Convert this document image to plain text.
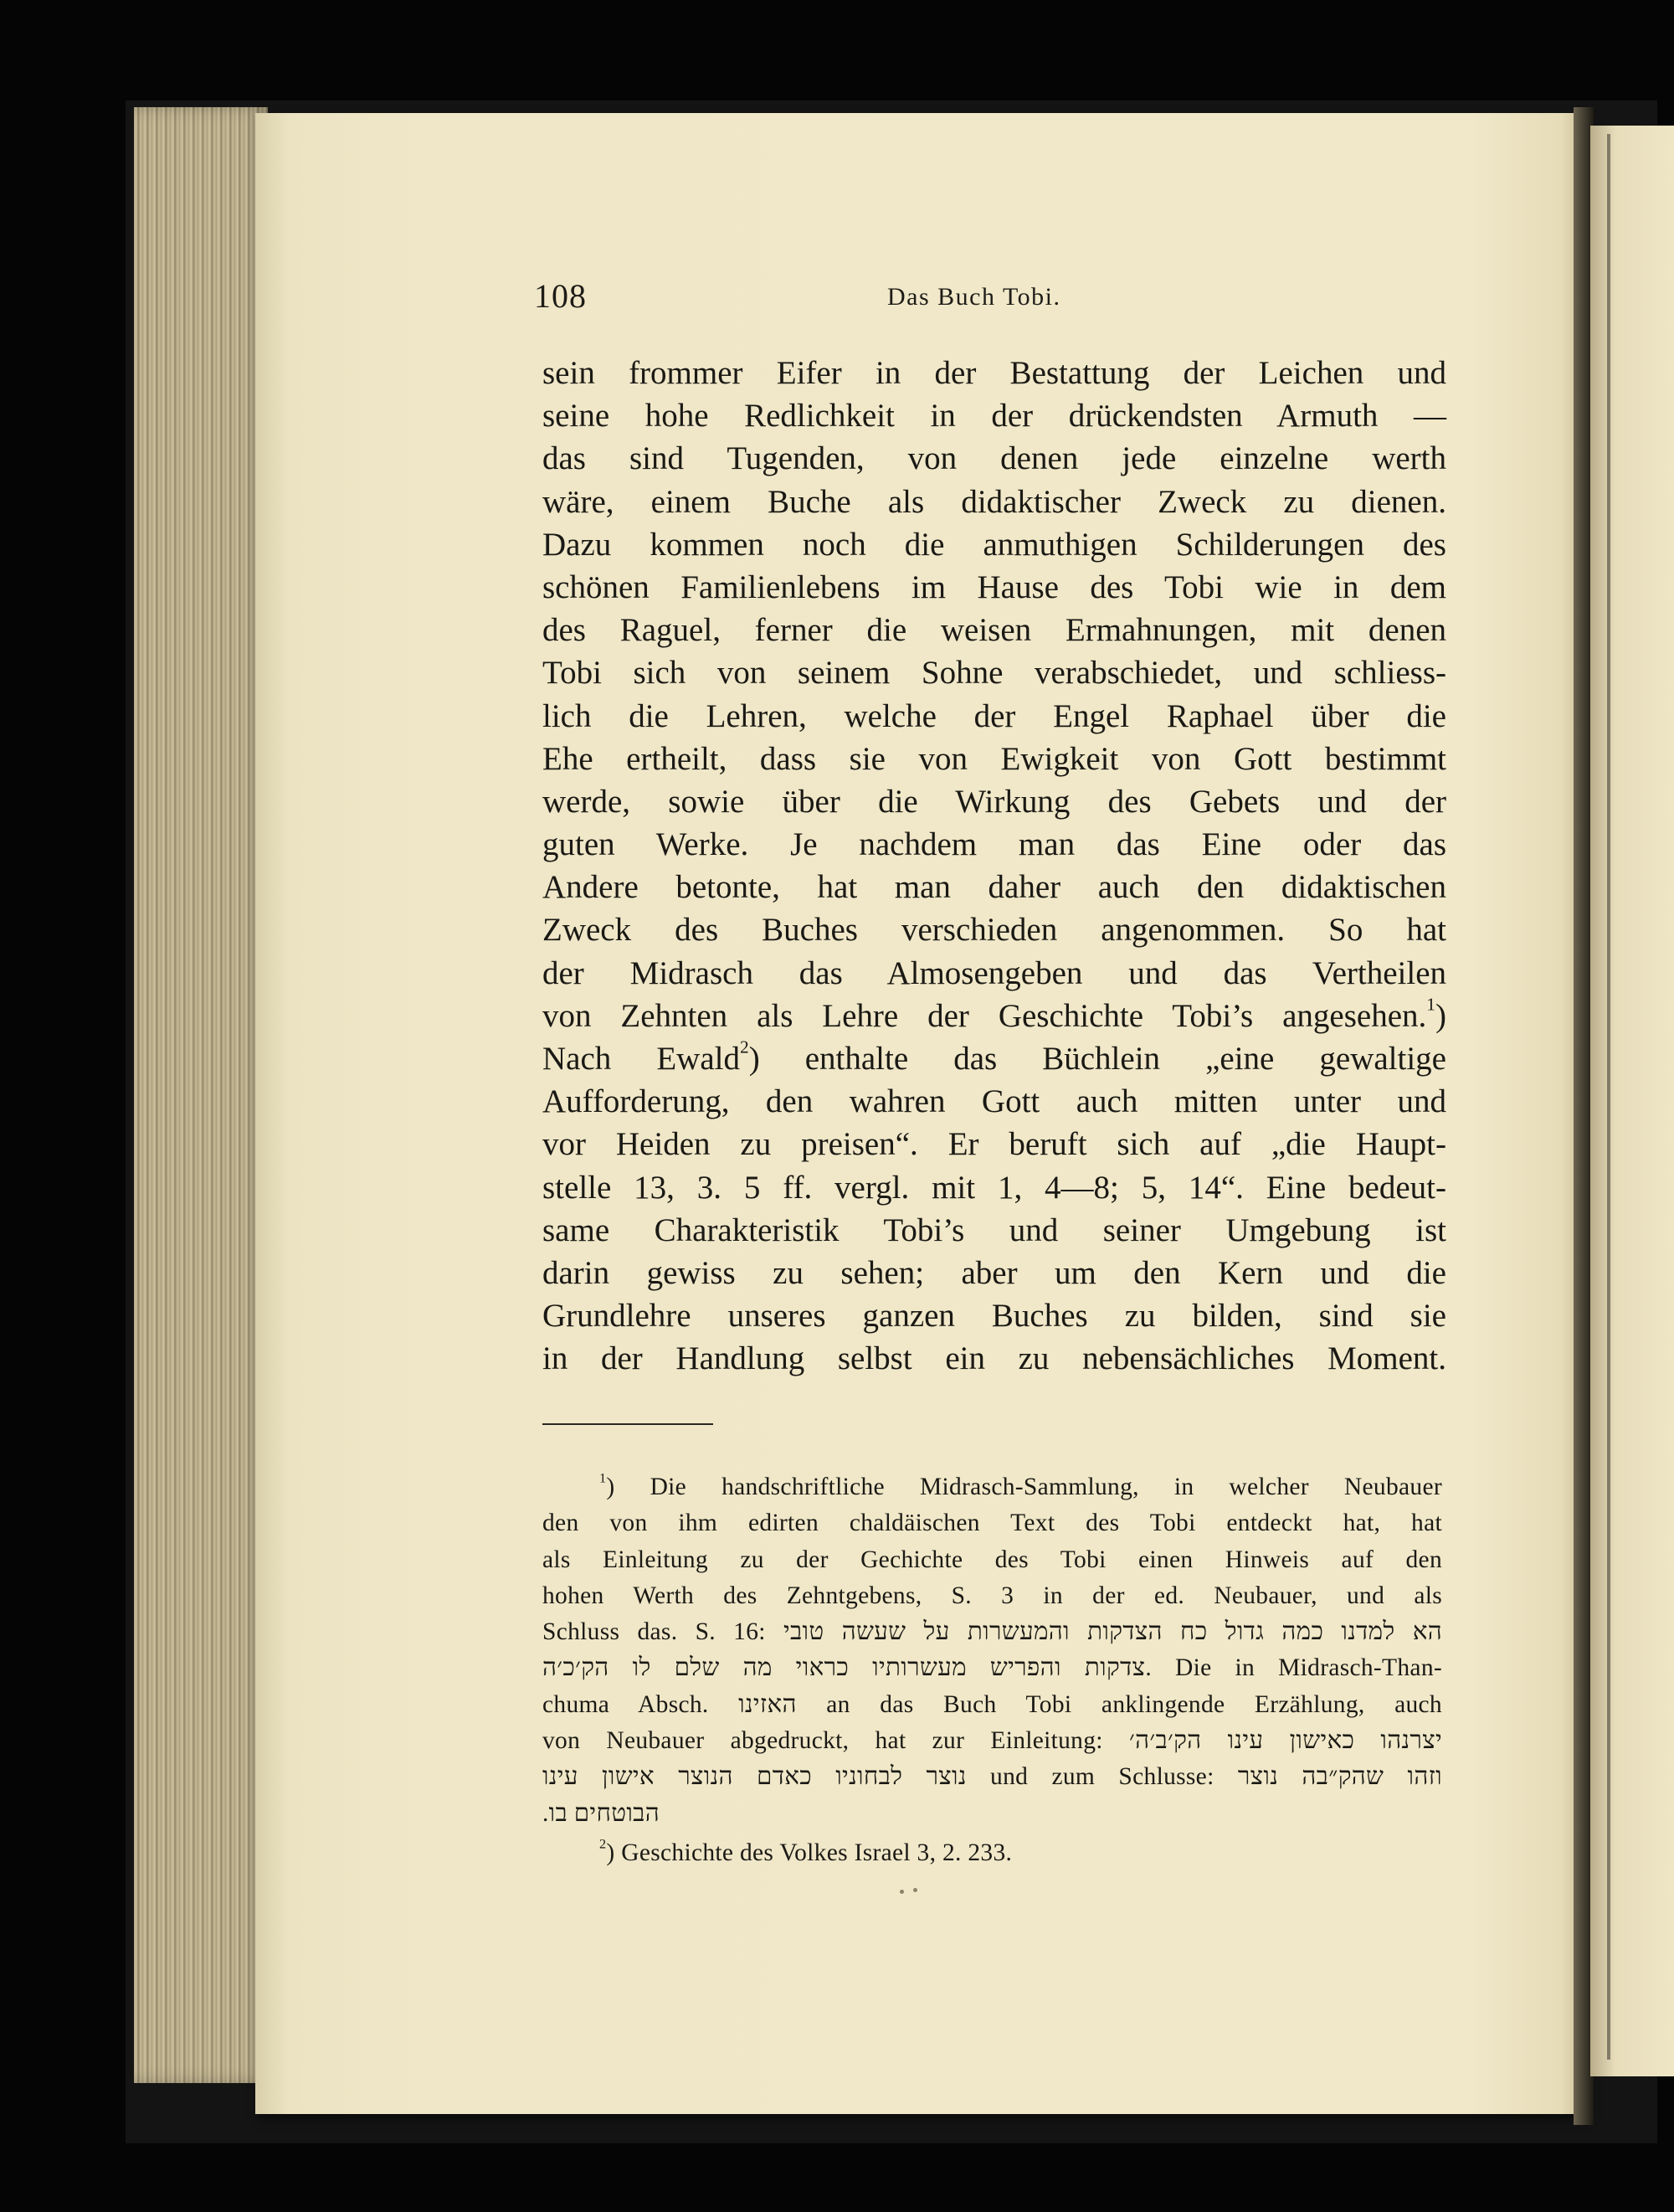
108	Das Buch Tobi.
sein frommer Eifer in der Bestattung der Leichen und
seine hohe Redlichkeit in der drückendsten Armuth —
das sind Tugenden, von denen jede einzelne werth
wäre, einem Buche als didaktischer Zweck zu dienen.
Dazu kommen noch die anmuthigen Schilderungen des
schönen Familienlebens im Hause des Tobi wie in dem
des Raguel, ferner die weisen Ermahnungen, mit denen
Tobi sich von seinem Sohne verabschiedet, und schliess-
lich die Lehren, welche der Engel Raphael über die
Ehe ertheilt, dass sie von Ewigkeit von Gott bestimmt
werde, sowie über die Wirkung des Gebets und der
guten Werke. Je nachdem man das Eine oder das
Andere betonte, hat man daher auch den didaktischen
Zweck des Buches verschieden angenommen. So hat
der Midrasch das Almosengeben und das Vertheilen
von Zehnten als Lehre der Geschichte Tobi’s angesehen.$^1$)
Nach Ewald$^2$) enthalte das Büchlein „eine gewaltige
Aufforderung, den wahren Gott auch mitten unter und
vor Heiden zu preisen“. Er beruft sich auf „die Haupt-
stelle 13, 3. 5 ff. vergl. mit 1, 4—8; 5, 14“. Eine bedeut-
same Charakteristik Tobi’s und seiner Umgebung ist
darin gewiss zu sehen; aber um den Kern und die
Grundlehre unseres ganzen Buches zu bilden, sind sie
in der Handlung selbst ein zu nebensächliches Moment.
$^1$) Die handschriftliche Midrasch-Sammlung, in welcher Neubauer
den von ihm edirten chaldäischen Text des Tobi entdeckt hat, hat
als Einleitung zu der Gechichte des Tobi einen Hinweis auf den
hohen Werth des Zehntgebens, S. 3 in der ed. Neubauer, und als
Schluss das. S. 16: הא למדנו כמה גדול כח הצדקות והמעשרות על שעשה טובי
צדקות והפריש מעשרותיו כראוי מה שלם לו הק׳כ׳ה. Die in Midrasch-Than-
chuma Absch. האזינו an das Buch Tobi anklingende Erzählung, auch
von Neubauer abgedruckt, hat zur Einleitung: יצרנהו כאישון עינו הק׳ב׳ה׳
נוצר לבחוניו כאדם הנוצר אישון עינו und zum Schlusse: וזהו שהק״בה נוצר
הבוטחים בו.
$^2$) Geschichte des Volkes Israel 3, 2. 233.
